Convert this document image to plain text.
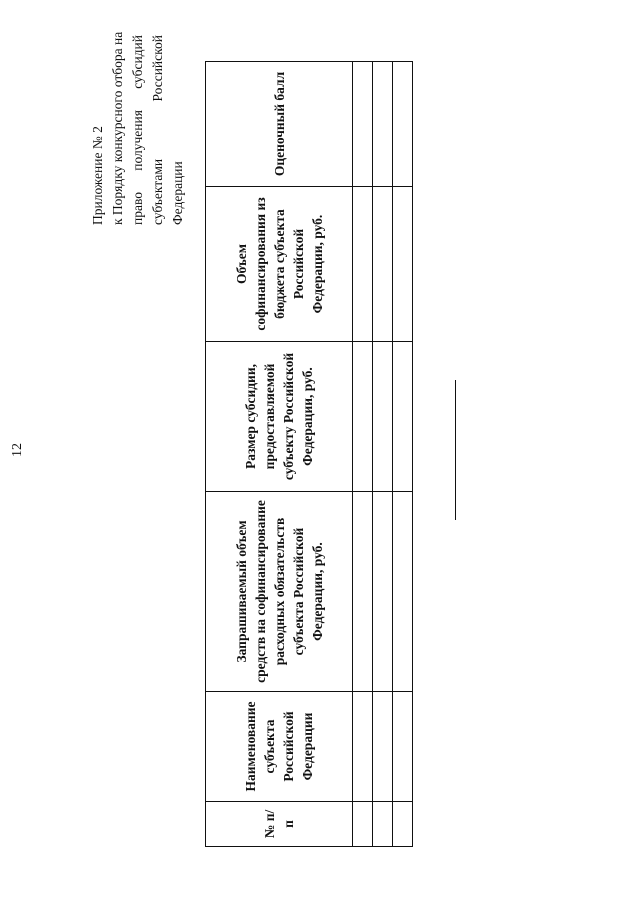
12
Приложение № 2 к Порядку конкурсного отбора на право
получения
субсидий
субъектами
Российской
Федерации
№ п/п	Наименование субъекта Российской Федерации	Запрашиваемый объем средств на софинансирование расходных обязательств субъекта Российской Федерации, руб.	Размер субсидии, предоставляемой субъекту Российской Федерации, руб.	Объем софинансирования из бюджета субъекта Российской Федерации, руб.	Оценочный балл
